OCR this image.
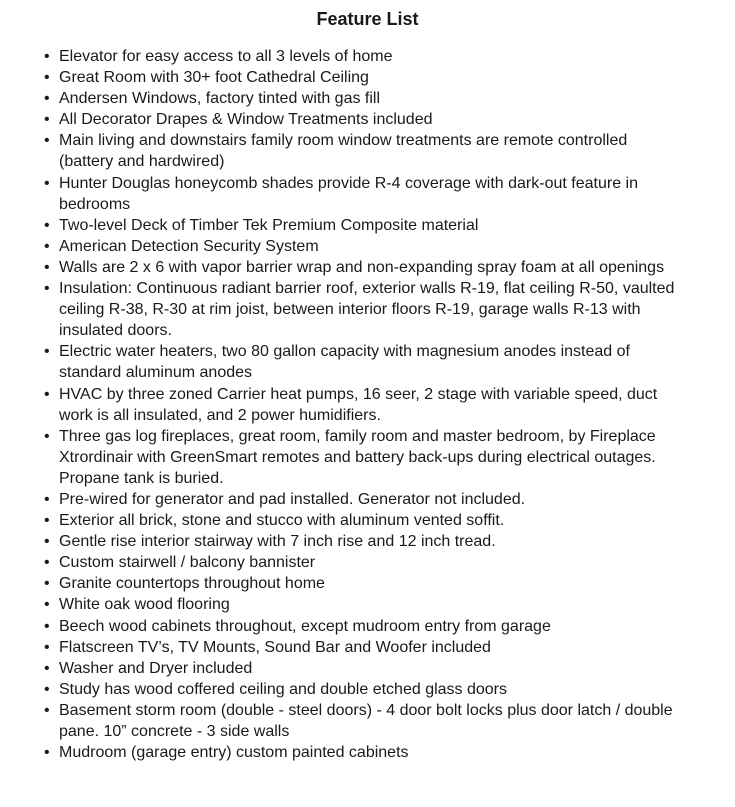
Feature List
• Elevator for easy access to all 3 levels of home
• Great Room with 30+ foot Cathedral Ceiling
• Andersen Windows, factory tinted with gas fill
• All Decorator Drapes & Window Treatments included
• Main living and downstairs family room window treatments are remote controlled (battery and hardwired)
• Hunter Douglas honeycomb shades provide R-4 coverage with dark-out feature in bedrooms
• Two-level Deck of Timber Tek Premium Composite material
• American Detection Security System
• Walls are 2 x 6 with vapor barrier wrap and non-expanding spray foam at all openings
• Insulation: Continuous radiant barrier roof, exterior walls R-19, flat ceiling R-50, vaulted ceiling R-38, R-30 at rim joist, between interior floors R-19, garage walls R-13 with insulated doors.
• Electric water heaters, two 80 gallon capacity with magnesium anodes instead of standard aluminum anodes
• HVAC by three zoned Carrier heat pumps, 16 seer, 2 stage with variable speed, duct work is all insulated, and 2 power humidifiers.
• Three gas log fireplaces, great room, family room and master bedroom, by Fireplace Xtrordinair with GreenSmart remotes and battery back-ups during electrical outages. Propane tank is buried.
• Pre-wired for generator and pad installed. Generator not included.
• Exterior all brick, stone and stucco with aluminum vented soffit.
• Gentle rise interior stairway with 7 inch rise and 12 inch tread.
• Custom stairwell / balcony bannister
• Granite countertops throughout home
• White oak wood flooring
• Beech wood cabinets throughout, except mudroom entry from garage
• Flatscreen TV’s, TV Mounts, Sound Bar and Woofer included
• Washer and Dryer included
• Study has wood coffered ceiling and double etched glass doors
• Basement storm room (double - steel doors) - 4 door bolt locks plus door latch / double pane. 10” concrete - 3 side walls
• Mudroom (garage entry) custom painted cabinets
